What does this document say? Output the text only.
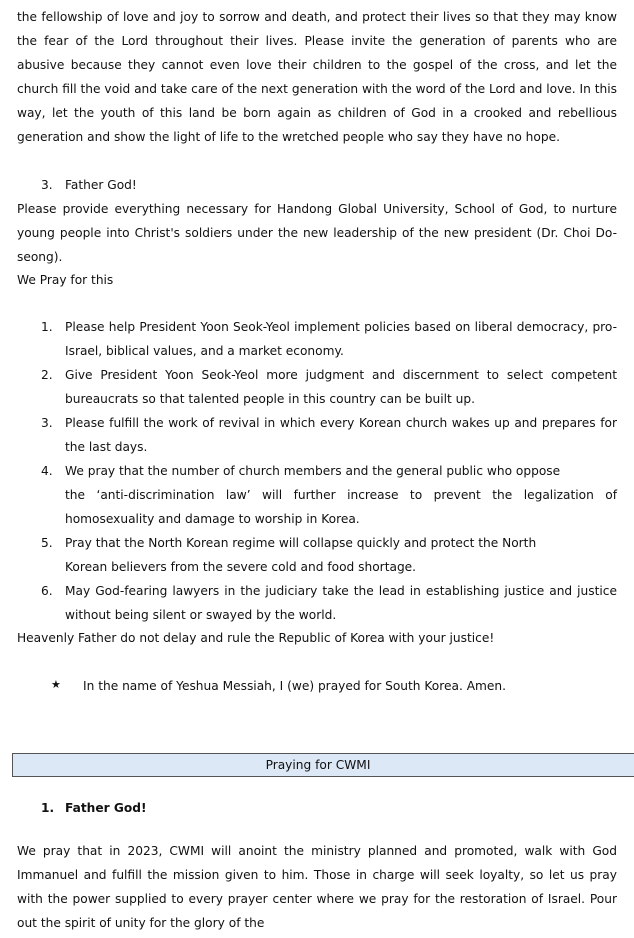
the fellowship of love and joy to sorrow and death, and protect their lives so that they may know the fear of the Lord throughout their lives. Please invite the generation of parents who are abusive because they cannot even love their children to the gospel of the cross, and let the church fill the void and take care of the next generation with the word of the Lord and love. In this way, let the youth of this land be born again as children of God in a crooked and rebellious generation and show the light of life to the wretched people who say they have no hope.

3. Father God!

Please provide everything necessary for Handong Global University, School of God, to nurture young people into Christ's soldiers under the new leadership of the new president (Dr. Choi Do-seong).

We Pray for this
1. Please help President Yoon Seok-Yeol implement policies based on liberal democracy, pro-Israel, biblical values, and a market economy.
2. Give President Yoon Seok-Yeol more judgment and discernment to select competent bureaucrats so that talented people in this country can be built up.
3. Please fulfill the work of revival in which every Korean church wakes up and prepares for the last days.
4. We pray that the number of church members and the general public who oppose
the ‘anti-discrimination law’ will further increase to prevent the legalization of homosexuality and damage to worship in Korea.
5. Pray that the North Korean regime will collapse quickly and protect the North
Korean believers from the severe cold and food shortage.
6. May God-fearing lawyers in the judiciary take the lead in establishing justice and justice without being silent or swayed by the world.
Heavenly Father do not delay and rule the Republic of Korea with your justice!
★ In the name of Yeshua Messiah, I (we) prayed for South Korea. Amen.
Praying for CWMI
1. Father God!

We pray that in 2023, CWMI will anoint the ministry planned and promoted, walk with God Immanuel and fulfill the mission given to him. Those in charge will seek loyalty, so let us pray with the power supplied to every prayer center where we pray for the restoration of Israel. Pour out the spirit of unity for the glory of the
